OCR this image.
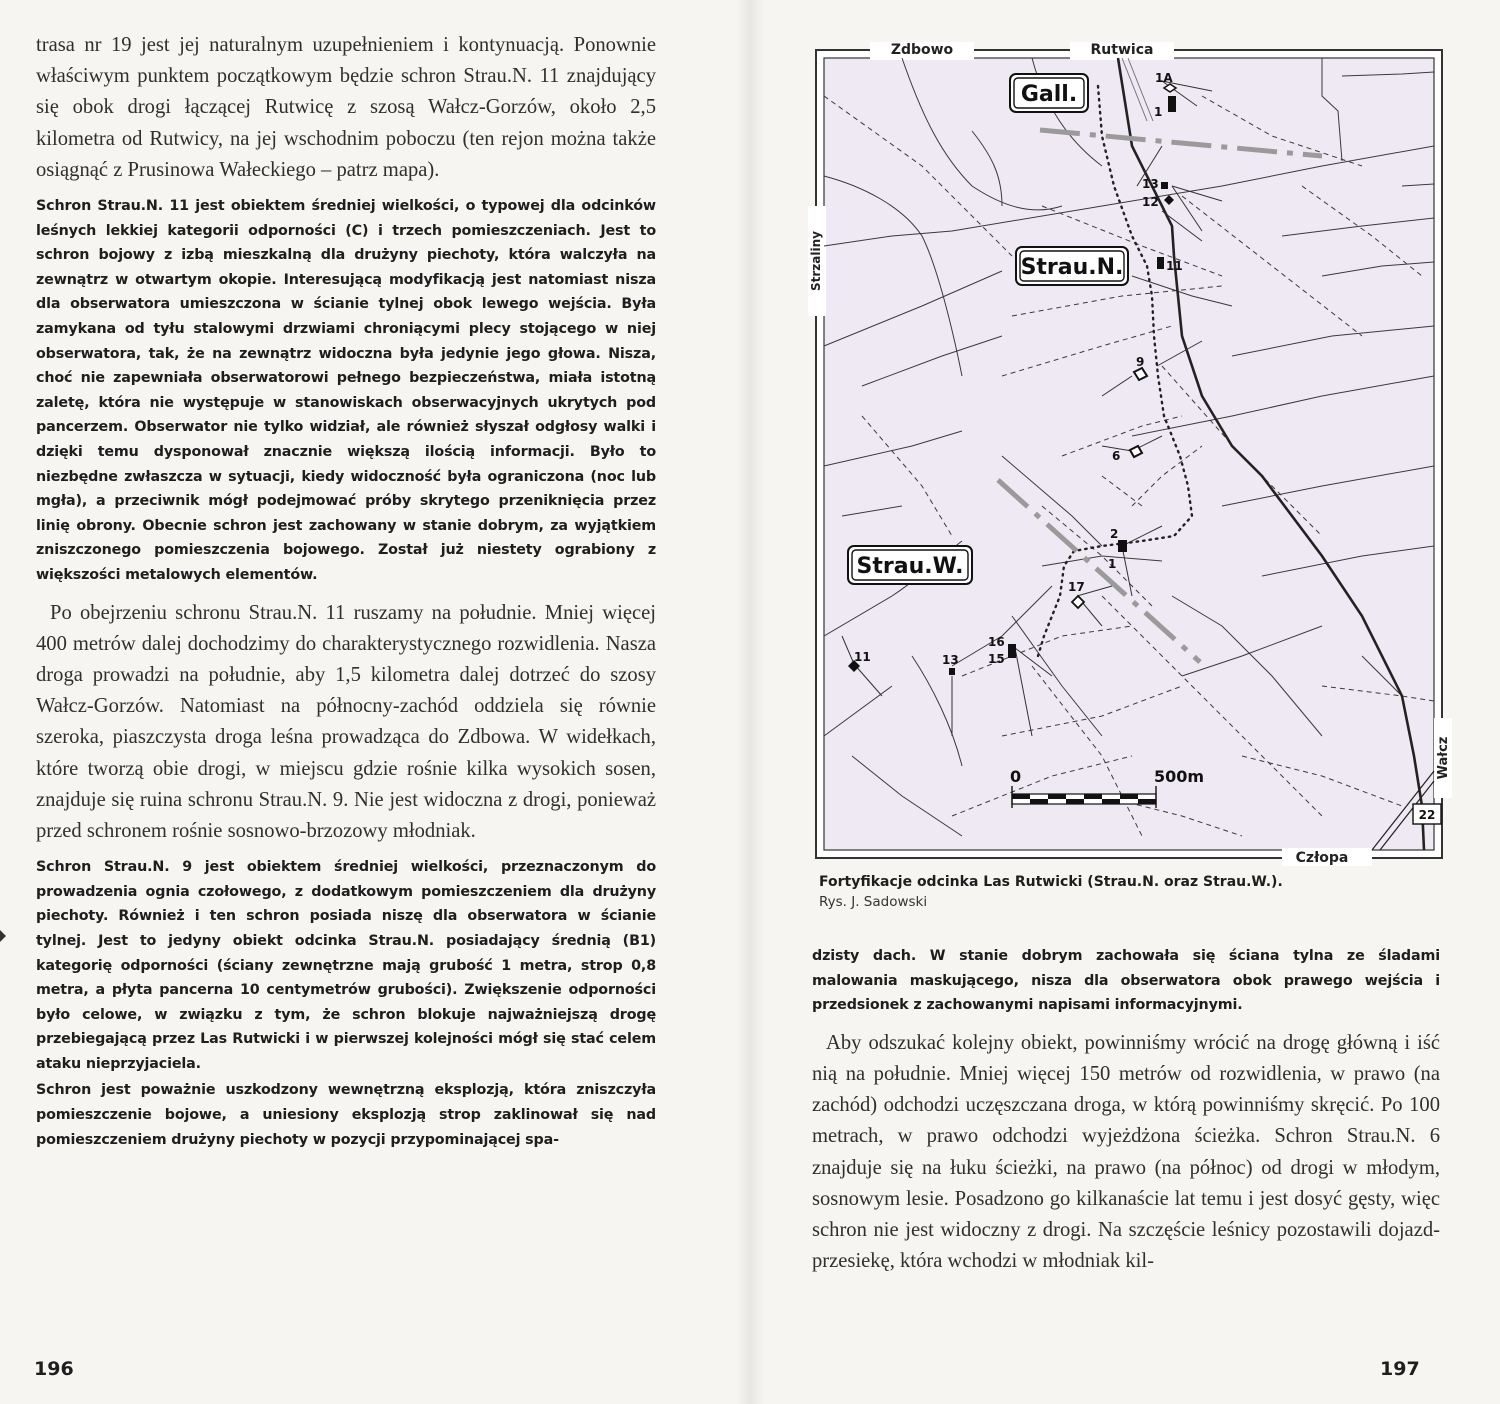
trasa nr 19 jest jej naturalnym uzupełnieniem i kontynuacją. Ponownie właściwym punktem początkowym będzie schron Strau.N. 11 znajdujący się obok drogi łączącej Rutwicę z szosą Wałcz-Gorzów, około 2,5 kilometra od Rutwicy, na jej wschodnim poboczu (ten rejon można także osiągnąć z Prusinowa Wałeckiego – patrz mapa).

Schron Strau.N. 11 jest obiektem średniej wielkości, o typowej dla odcinków leśnych lekkiej kategorii odporności (C) i trzech pomieszczeniach. Jest to schron bojowy z izbą mieszkalną dla drużyny piechoty, która walczyła na zewnątrz w otwartym okopie. Interesującą modyfikacją jest natomiast nisza dla obserwatora umieszczona w ścianie tylnej obok lewego wejścia. Była zamykana od tyłu stalowymi drzwiami chroniącymi plecy stojącego w niej obserwatora, tak, że na zewnątrz widoczna była jedynie jego głowa. Nisza, choć nie zapewniała obserwatorowi pełnego bezpieczeństwa, miała istotną zaletę, która nie występuje w stanowiskach obserwacyjnych ukrytych pod pancerzem. Obserwator nie tylko widział, ale również słyszał odgłosy walki i dzięki temu dysponował znacznie większą ilością informacji. Było to niezbędne zwłaszcza w sytuacji, kiedy widoczność była ograniczona (noc lub mgła), a przeciwnik mógł podejmować próby skrytego przeniknięcia przez linię obrony. Obecnie schron jest zachowany w stanie dobrym, za wyjątkiem zniszczonego pomieszczenia bojowego. Został już niestety ograbiony z większości metalowych elementów.

Po obejrzeniu schronu Strau.N. 11 ruszamy na południe. Mniej więcej 400 metrów dalej dochodzimy do charakterystycznego rozwidlenia. Nasza droga prowadzi na południe, aby 1,5 kilometra dalej dotrzeć do szosy Wałcz-Gorzów. Natomiast na północny-zachód oddziela się równie szeroka, piaszczysta droga leśna prowadząca do Zdbowa. W widełkach, które tworzą obie drogi, w miejscu gdzie rośnie kilka wysokich sosen, znajduje się ruina schronu Strau.N. 9. Nie jest widoczna z drogi, ponieważ przed schronem rośnie sosnowo-brzozowy młodniak.

Schron Strau.N. 9 jest obiektem średniej wielkości, przeznaczonym do prowadzenia ognia czołowego, z dodatkowym pomieszczeniem dla drużyny piechoty. Również i ten schron posiada niszę dla obserwatora w ścianie tylnej. Jest to jedyny obiekt odcinka Strau.N. posiadający średnią (B1) kategorię odporności (ściany zewnętrzne mają grubość 1 metra, strop 0,8 metra, a płyta pancerna 10 centymetrów grubości). Zwiększenie odporności było celowe, w związku z tym, że schron blokuje najważniejszą drogę przebiegającą przez Las Rutwicki i w pierwszej kolejności mógł się stać celem ataku nieprzyjaciela.

Schron jest poważnie uszkodzony wewnętrzną eksplozją, która zniszczyła pomieszczenie bojowe, a uniesiony eksplozją strop zaklinował się nad pomieszczeniem drużyny piechoty w pozycji przypominającej spa-

196
1A
1
13
12
11
9
6
2
1
17
16
15
11	13
Gall.
Strau.N.
Strau.W.
Zdbowo	Rutwica
Człopa
Strzaliny
Wałcz
22
0	500m
Fortyfikacje odcinka Las Rutwicki (Strau.N. oraz Strau.W.).
Rys. J. Sadowski

dzisty dach. W stanie dobrym zachowała się ściana tylna ze śladami malowania maskującego, nisza dla obserwatora obok prawego wejścia i przedsionek z zachowanymi napisami informacyjnymi.

Aby odszukać kolejny obiekt, powinniśmy wrócić na drogę główną i iść nią na południe. Mniej więcej 150 metrów od rozwidlenia, w prawo (na zachód) odchodzi uczęszczana droga, w którą powinniśmy skręcić. Po 100 metrach, w prawo odchodzi wyjeżdżona ścieżka. Schron Strau.N. 6 znajduje się na łuku ścieżki, na prawo (na północ) od drogi w młodym, sosnowym lesie. Posadzono go kilkanaście lat temu i jest dosyć gęsty, więc schron nie jest widoczny z drogi. Na szczęście leśnicy pozostawili dojazd-przesiekę, która wchodzi w młodniak kil-

197
